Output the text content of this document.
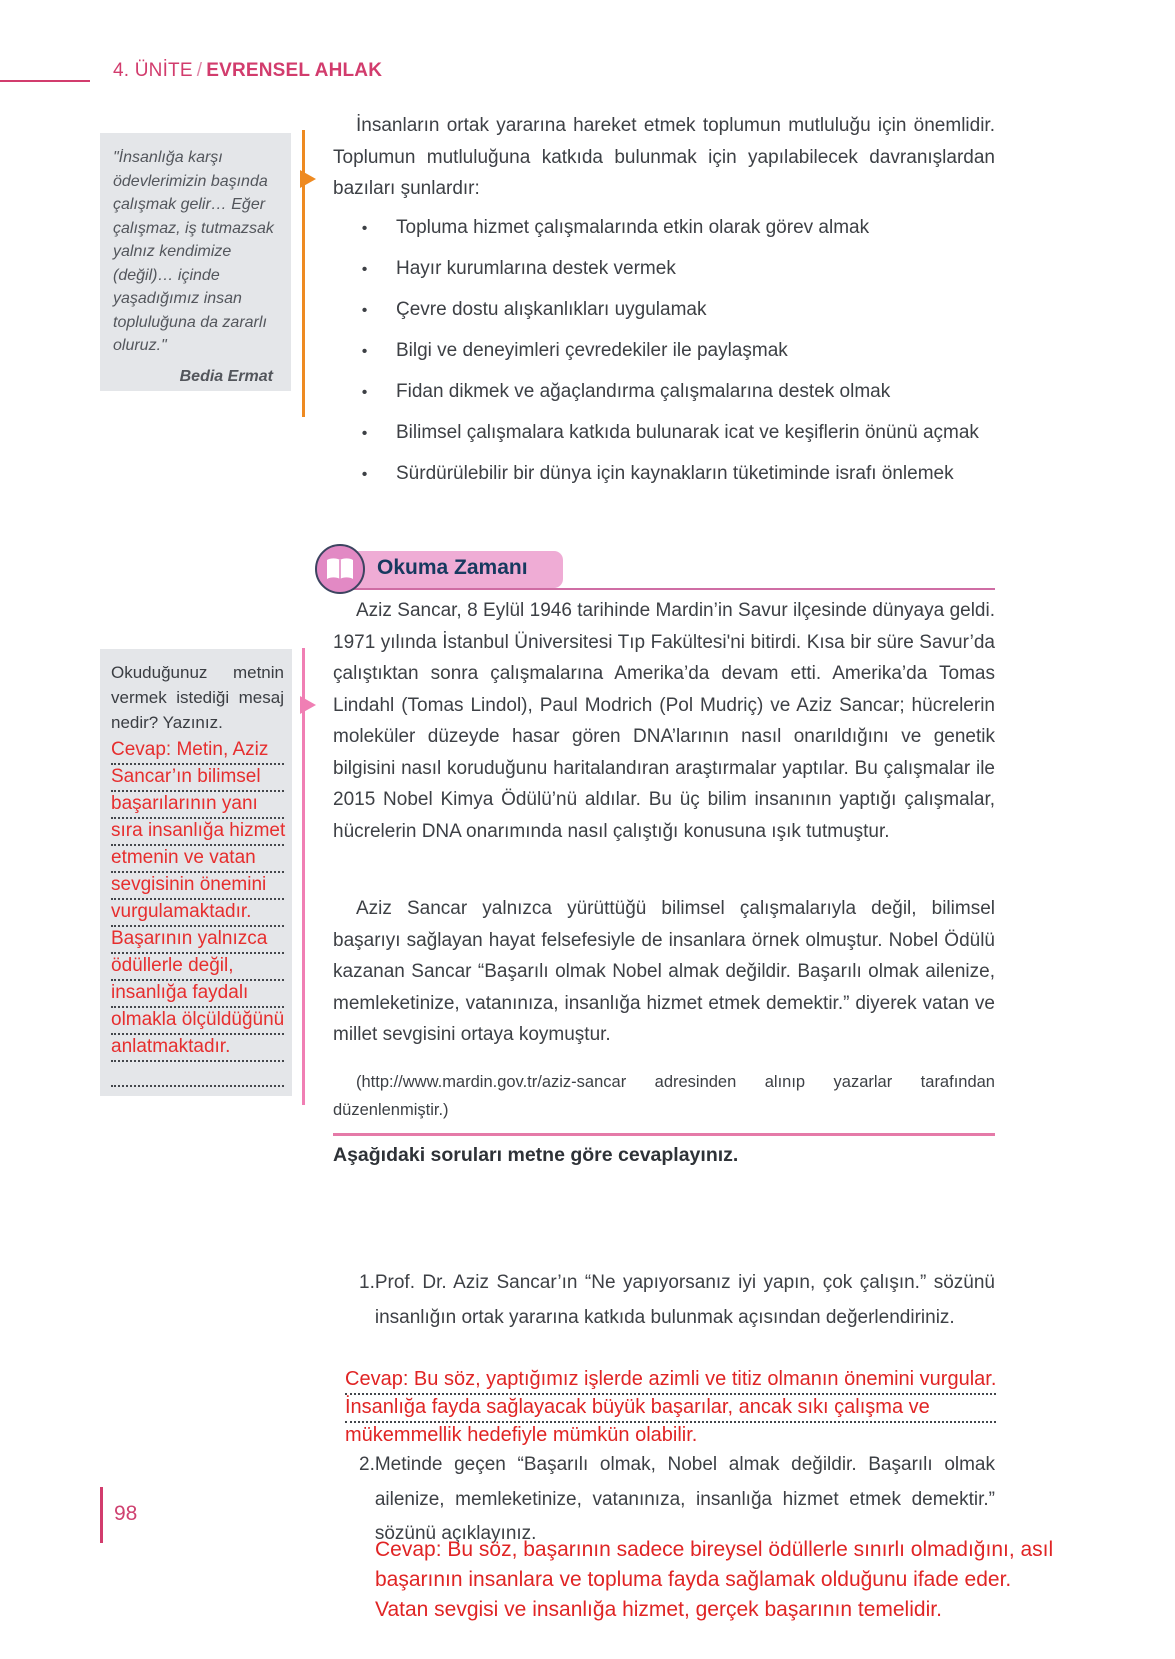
4. ÜNİTE / EVRENSEL AHLAK
"İnsanlığa karşı ödevlerimizin başında çalışmak gelir… Eğer çalışmaz, iş tutmazsak yalnız kendimize (değil)… içinde yaşadığımız insan topluluğuna da zararlı oluruz."
Bedia Ermat
İnsanların ortak yararına hareket etmek toplumun mutluluğu için önemlidir. Toplumun mutluluğuna katkıda bulunmak için yapılabilecek davranışlardan bazıları şunlardır:
•
Topluma hizmet çalışmalarında etkin olarak görev almak
•
Hayır kurumlarına destek vermek
•
Çevre dostu alışkanlıkları uygulamak
•
Bilgi ve deneyimleri çevredekiler ile paylaşmak
•
Fidan dikmek ve ağaçlandırma çalışmalarına destek olmak
•
Bilimsel çalışmalara katkıda bulunarak icat ve keşiflerin önünü açmak
•
Sürdürülebilir bir dünya için kaynakların tüketiminde israfı önlemek
Okuma Zamanı
Aziz Sancar, 8 Eylül 1946 tarihinde Mardin’in Savur ilçesinde dünyaya geldi. 1971 yılında İstanbul Üniversitesi Tıp Fakültesi'ni bitirdi. Kısa bir süre Savur’da çalıştıktan sonra çalışmalarına Amerika’da devam etti. Amerika’da Tomas Lindahl (Tomas Lindol), Paul Modrich (Pol Mudriç) ve Aziz Sancar; hücrelerin moleküler düzeyde hasar gören DNA’larının nasıl onarıldığını ve genetik bilgisini nasıl koruduğunu haritalandıran araştırmalar yaptılar. Bu çalışmalar ile 2015 Nobel Kimya Ödülü’nü aldılar. Bu üç bilim insanının yaptığı çalışmalar, hücrelerin DNA onarımında nasıl çalıştığı konusuna ışık tutmuştur.
Aziz Sancar yalnızca yürüttüğü bilimsel çalışmalarıyla değil, bilimsel başarıyı sağlayan hayat felsefesiyle de insanlara örnek olmuştur. Nobel Ödülü kazanan Sancar “Başarılı olmak Nobel almak değildir. Başarılı olmak ailenize, memleketinize, vatanınıza, insanlığa hizmet etmek demektir.” diyerek vatan ve millet sevgisini ortaya koymuştur.
(http://www.mardin.gov.tr/aziz-sancar adresinden alınıp yazarlar tarafından düzenlenmiştir.)
Okuduğunuz metnin vermek istediği mesaj nedir? Yazınız.
Cevap: Metin, Aziz
Sancar’ın bilimsel
başarılarının yanı
sıra insanlığa hizmet
etmenin ve vatan
sevgisinin önemini
vurgulamaktadır.
Başarının yalnızca
ödüllerle değil,
insanlığa faydalı
olmakla ölçüldüğünü
anlatmaktadır.
Aşağıdaki soruları metne göre cevaplayınız.
1. Prof. Dr. Aziz Sancar’ın “Ne yapıyorsanız iyi yapın, çok çalışın.” sözünü insanlığın ortak yararına katkıda bulunmak açısından değerlendiriniz.
Cevap: Bu söz, yaptığımız işlerde azimli ve titiz olmanın önemini vurgular.
İnsanlığa fayda sağlayacak büyük başarılar, ancak sıkı çalışma ve
mükemmellik hedefiyle mümkün olabilir.
2. Metinde geçen “Başarılı olmak, Nobel almak değildir. Başarılı olmak ailenize, memleketinize, vatanınıza, insanlığa hizmet etmek demektir.” sözünü açıklayınız.
Cevap: Bu söz, başarının sadece bireysel ödüllerle sınırlı olmadığını, asıl
başarının insanlara ve topluma fayda sağlamak olduğunu ifade eder.
Vatan sevgisi ve insanlığa hizmet, gerçek başarının temelidir.
98
